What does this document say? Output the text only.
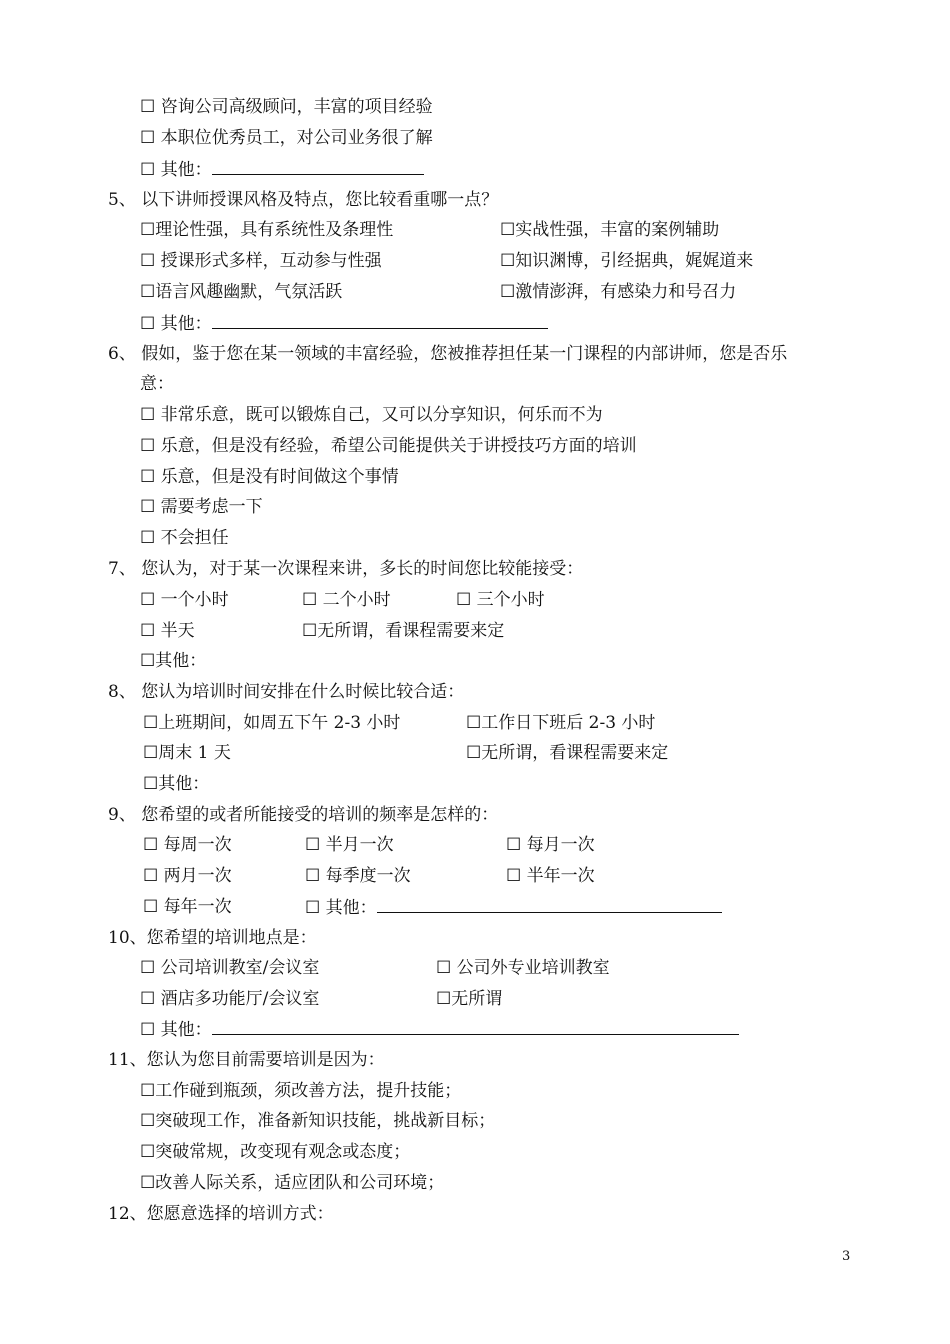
☐ 咨询公司高级顾问，丰富的项目经验
☐ 本职位优秀员工，对公司业务很了解
☐ 其他：
5、 以下讲师授课风格及特点，您比较看重哪一点？
☐理论性强，具有系统性及条理性	☐实战性强，丰富的案例辅助
☐ 授课形式多样，互动参与性强	☐知识渊博，引经据典，娓娓道来
☐语言风趣幽默，气氛活跃	☐激情澎湃，有感染力和号召力
☐ 其他：
6、 假如，鉴于您在某一领域的丰富经验，您被推荐担任某一门课程的内部讲师，您是否乐
意：
☐ 非常乐意，既可以锻炼自己，又可以分享知识，何乐而不为
☐ 乐意，但是没有经验，希望公司能提供关于讲授技巧方面的培训
☐ 乐意，但是没有时间做这个事情
☐ 需要考虑一下
☐ 不会担任
7、 您认为，对于某一次课程来讲，多长的时间您比较能接受：
☐ 一个小时	☐ 二个小时	☐ 三个小时
☐ 半天	☐无所谓，看课程需要来定
☐其他：
8、 您认为培训时间安排在什么时候比较合适：
☐上班期间，如周五下午 2-3 小时	☐工作日下班后 2-3 小时
☐周末 1 天	☐无所谓，看课程需要来定
☐其他：
9、 您希望的或者所能接受的培训的频率是怎样的：
☐ 每周一次	☐ 半月一次	☐ 每月一次
☐ 两月一次	☐ 每季度一次	☐ 半年一次
☐ 每年一次	☐ 其他：
10、您希望的培训地点是：
☐ 公司培训教室/会议室	☐ 公司外专业培训教室
☐ 酒店多功能厅/会议室	☐无所谓
☐ 其他：
11、您认为您目前需要培训是因为：
☐工作碰到瓶颈，须改善方法，提升技能；
☐突破现工作，准备新知识技能，挑战新目标；
☐突破常规，改变现有观念或态度；
☐改善人际关系，适应团队和公司环境；
12、您愿意选择的培训方式：
3
